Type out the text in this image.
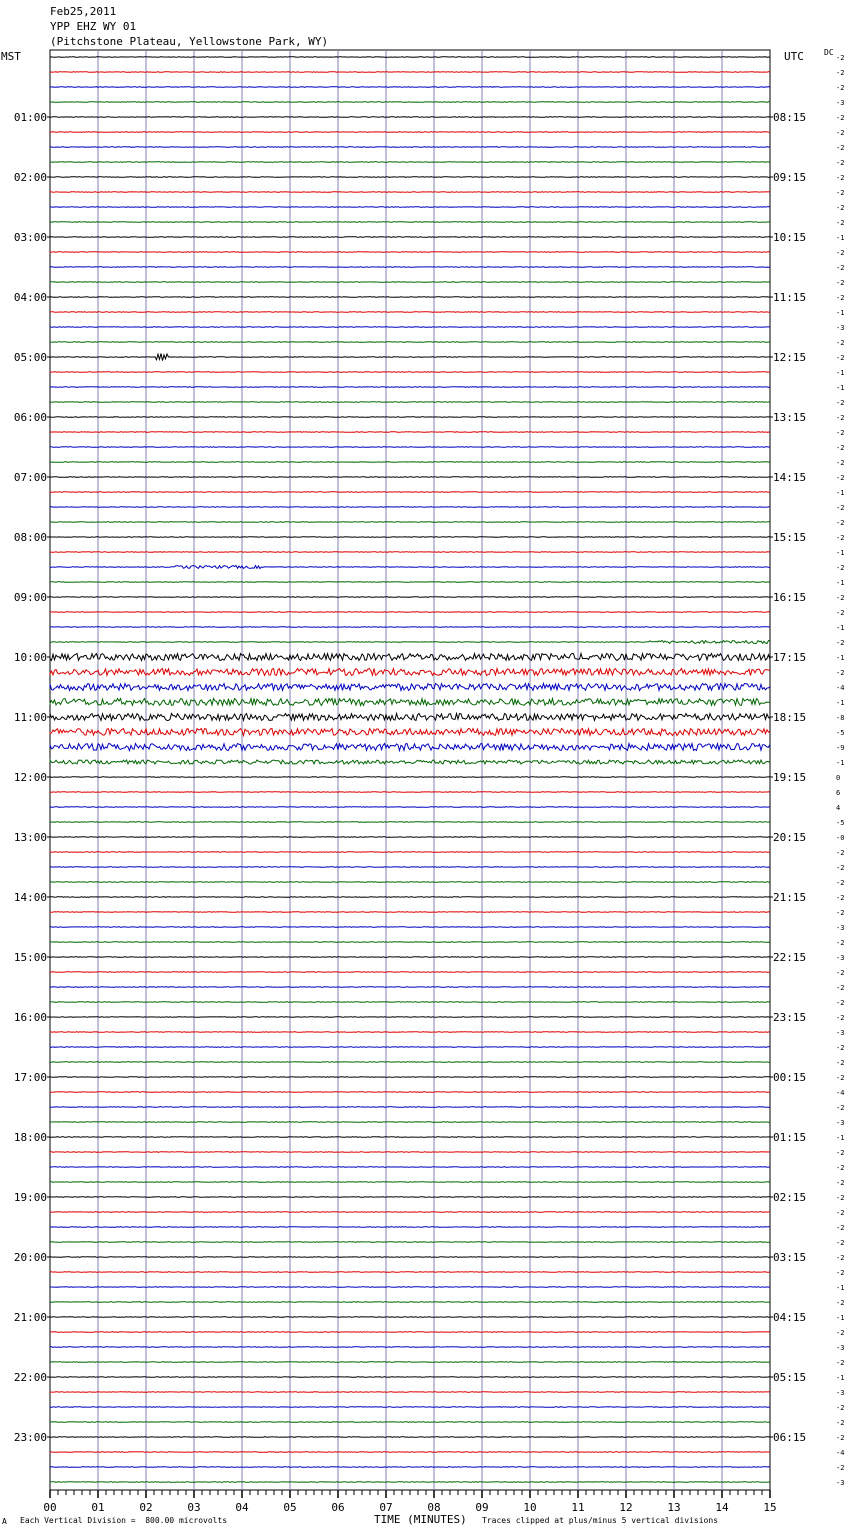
Feb25,2011
YPP EHZ WY 01
(Pitchstone Plateau, Yellowstone Park, WY)
MST	UTC	DC
-2
-2
-2
-3
-2
-2
-2
-2
-2
-2
-2
-2
-1
-2
-2
-2
-2
-1
-3
-2
-2
-1
-1
-2
-2
-2
-2
-2
-2
-1
-2
-2
-2
-1
-2
-1
-2
-2
-1
-2
-1
-2
-4
-1
-8
-5
-9
-1
0
6
4
-5
-0
-2
-2
-2
-2
-2
-3
-2
-3
-2
-2
-2
-2
-3
-2
-2
-2
-4
-2
-3
-1
-2
-2
-2
-2
-2
-2
-2
-2
-2
-1
-2
-1
-2
-3
-2
-1
-3
-2
-2
-2
-4
-2
-3
01:00	08:15
02:00	09:15
03:00	10:15
04:00	11:15
05:00	12:15
06:00	13:15
07:00	14:15
08:00	15:15
09:00	16:15
10:00	17:15
11:00	18:15
12:00	19:15
13:00	20:15
14:00	21:15
15:00	22:15
16:00	23:15
17:00	00:15
18:00	01:15
19:00	02:15
20:00	03:15
21:00	04:15
22:00	05:15
23:00	06:15
00	01	02	03	04	05	06	07	08	09	10	11	12	13	14	15
A Each Vertical Division =  800.00 microvolts	TIME (MINUTES) Traces clipped at plus/minus 5 vertical divisions
